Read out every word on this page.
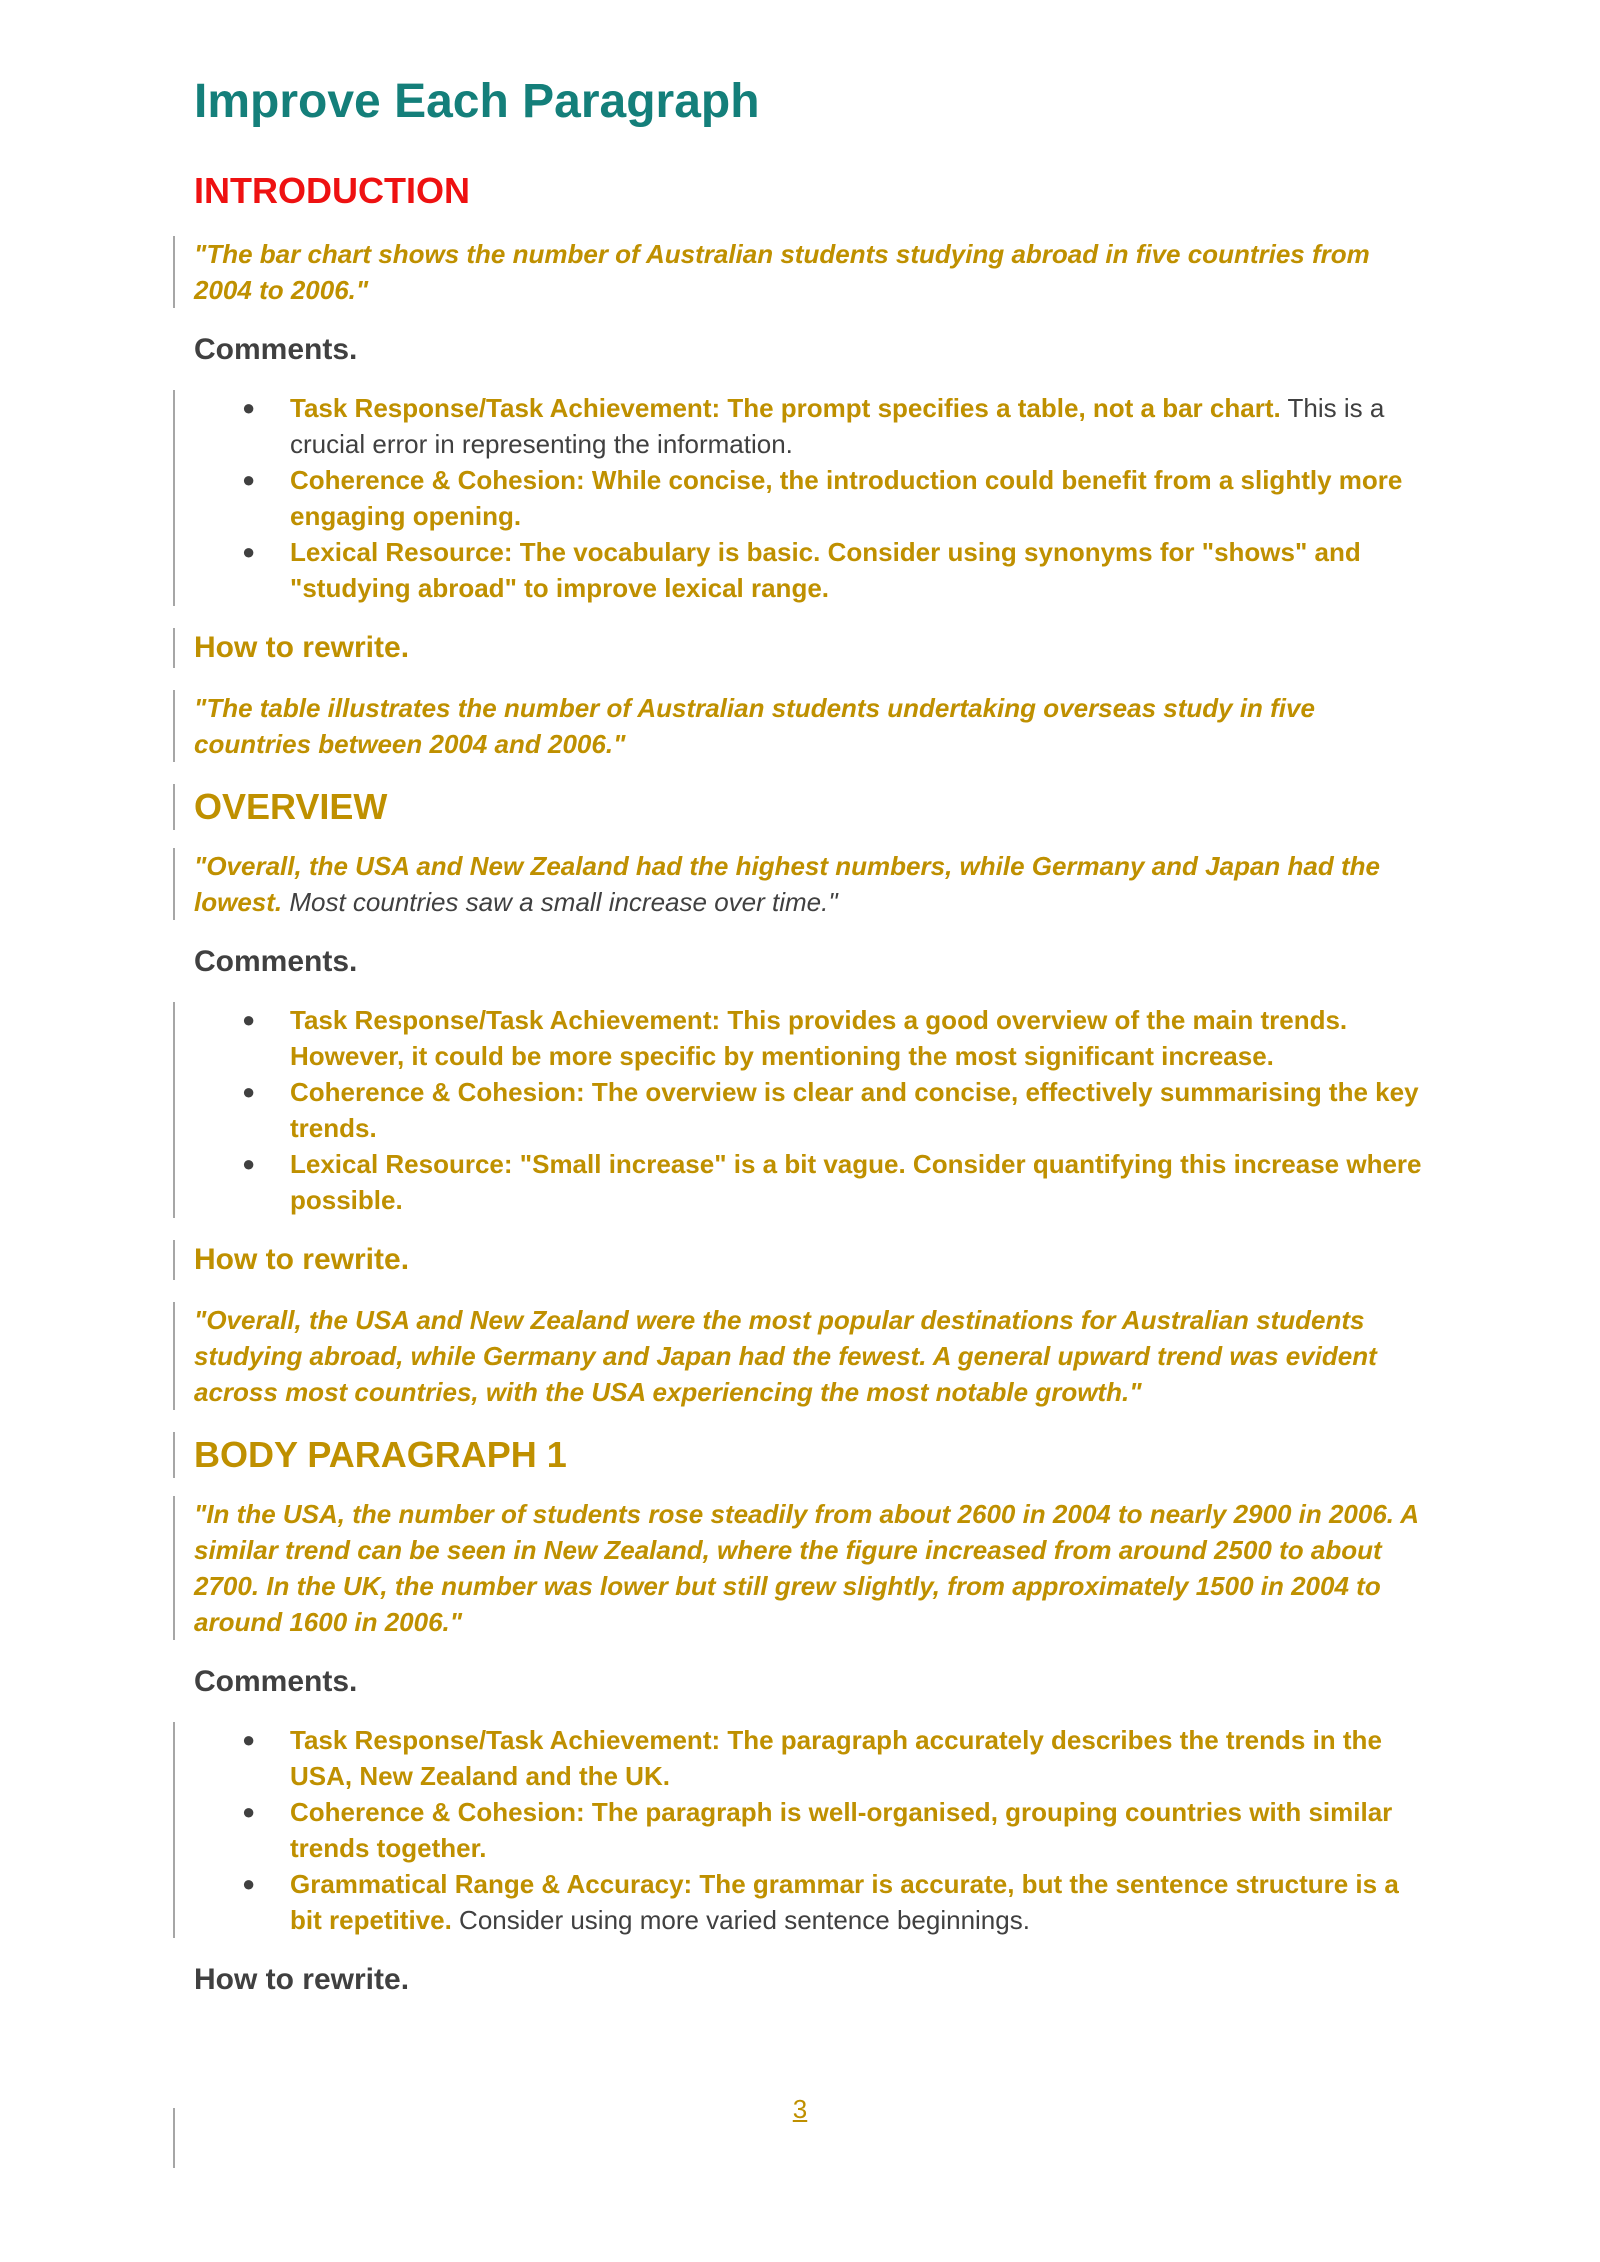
Improve Each Paragraph
INTRODUCTION

"The bar chart shows the number of Australian students studying abroad in five countries from 2004 to 2006."

Comments.
● Task Response/Task Achievement: The prompt specifies a table, not a bar chart. This is a crucial error in representing the information.
● Coherence & Cohesion: While concise, the introduction could benefit from a slightly more engaging opening.
● Lexical Resource: The vocabulary is basic. Consider using synonyms for "shows" and "studying abroad" to improve lexical range.
How to rewrite.

"The table illustrates the number of Australian students undertaking overseas study in five countries between 2004 and 2006."

OVERVIEW

"Overall, the USA and New Zealand had the highest numbers, while Germany and Japan had the lowest. Most countries saw a small increase over time."

Comments.
● Task Response/Task Achievement: This provides a good overview of the main trends. However, it could be more specific by mentioning the most significant increase.
● Coherence & Cohesion: The overview is clear and concise, effectively summarising the key trends.
● Lexical Resource: "Small increase" is a bit vague. Consider quantifying this increase where possible.
How to rewrite.

"Overall, the USA and New Zealand were the most popular destinations for Australian students studying abroad, while Germany and Japan had the fewest. A general upward trend was evident across most countries, with the USA experiencing the most notable growth."

BODY PARAGRAPH 1

"In the USA, the number of students rose steadily from about 2600 in 2004 to nearly 2900 in 2006. A similar trend can be seen in New Zealand, where the figure increased from around 2500 to about 2700. In the UK, the number was lower but still grew slightly, from approximately 1500 in 2004 to around 1600 in 2006."

Comments.
● Task Response/Task Achievement: The paragraph accurately describes the trends in the USA, New Zealand and the UK.
● Coherence & Cohesion: The paragraph is well-organised, grouping countries with similar trends together.
● Grammatical Range & Accuracy: The grammar is accurate, but the sentence structure is a bit repetitive. Consider using more varied sentence beginnings.
How to rewrite.
3
